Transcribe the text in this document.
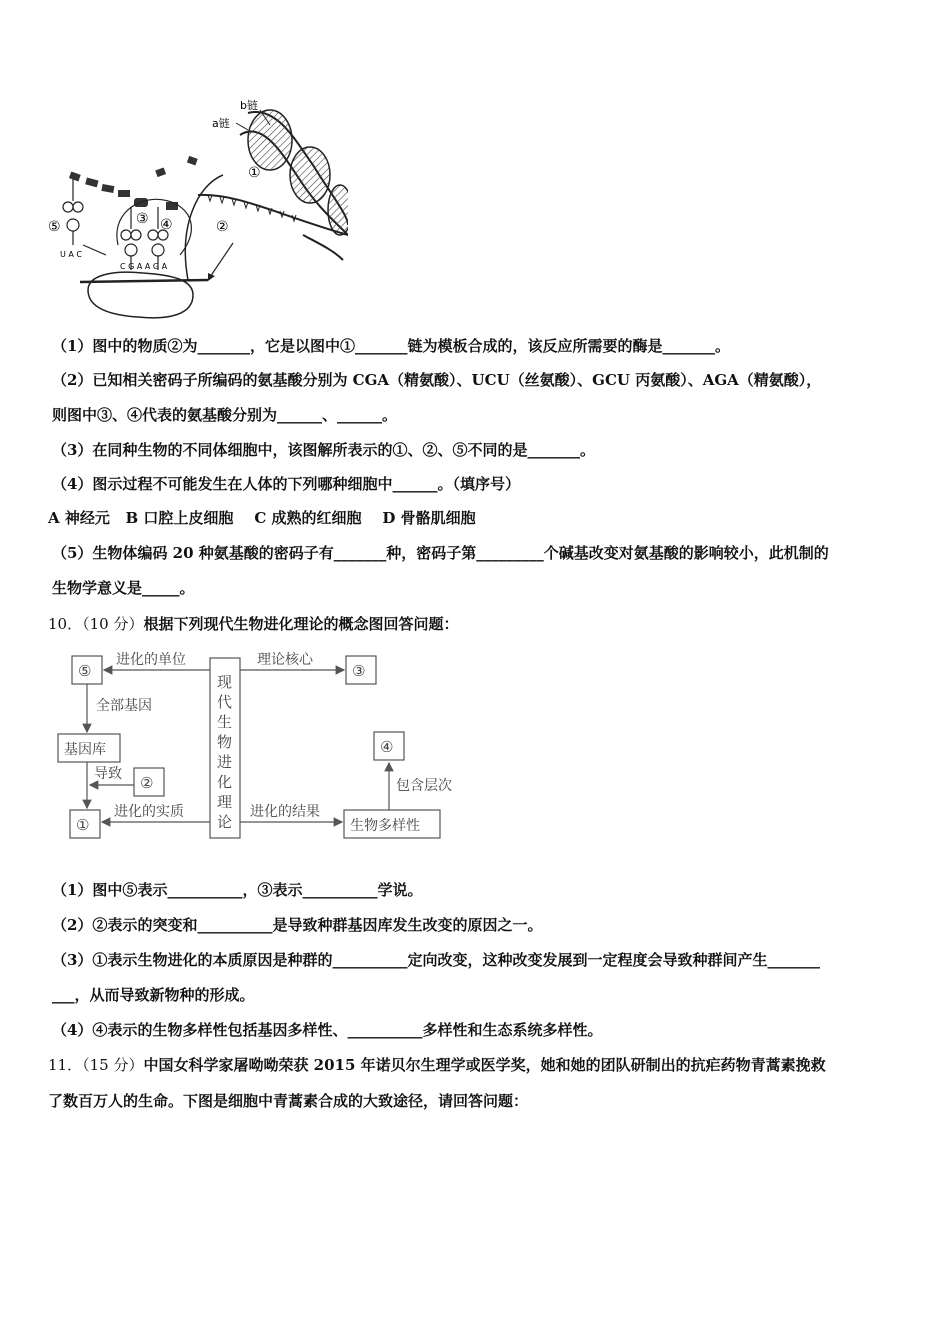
b链
a链
①
②
C G A A G A
U A C
⑤	③ ④
（1）图中的物质②为_______，它是以图中①_______链为模板合成的，该反应所需要的酶是_______。
（2）已知相关密码子所编码的氨基酸分别为 CGA（精氨酸）、UCU（丝氨酸）、GCU 丙氨酸）、AGA（精氨酸），
则图中③、④代表的氨基酸分别为______、______。
（3）在同种生物的不同体细胞中，该图解所表示的①、②、⑤不同的是_______。
（4）图示过程不可能发生在人体的下列哪种细胞中______。（填序号）
A 神经元   B 口腔上皮细胞    C 成熟的红细胞    D 骨骼肌细胞
（5）生物体编码 20 种氨基酸的密码子有_______种，密码子第_________个碱基改变对氨基酸的影响较小，此机制的
生物学意义是_____。
10．（10 分）根据下列现代生物进化理论的概念图回答问题：
现
代
生
物
进
化
理
论
⑤
进化的单位
③
理论核心
全部基因
基因库
②
导致
①
进化的实质
生物多样性
进化的结果
④
包含层次
（1）图中⑤表示__________，③表示__________学说。
（2）②表示的突变和__________是导致种群基因库发生改变的原因之一。
（3）①表示生物进化的本质原因是种群的__________定向改变，这种改变发展到一定程度会导致种群间产生_______
___，从而导致新物种的形成。
（4）④表示的生物多样性包括基因多样性、__________多样性和生态系统多样性。
11．（15 分）中国女科学家屠呦呦荣获 2015 年诺贝尔生理学或医学奖，她和她的团队研制出的抗疟药物青蒿素挽救
了数百万人的生命。下图是细胞中青蒿素合成的大致途径，请回答问题：
